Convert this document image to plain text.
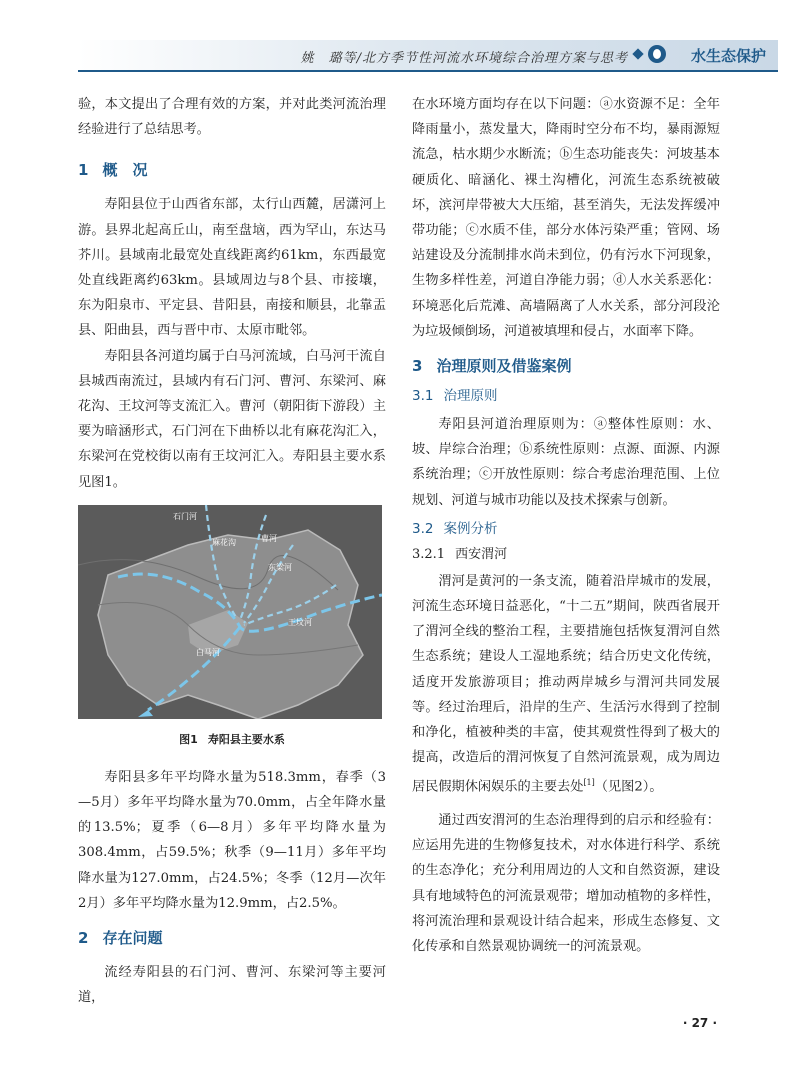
姚　璐等/北方季节性河流水环境综合治理方案与思考	水生态保护

验，本文提出了合理有效的方案，并对此类河流治理经验进行了总结思考。

1 概　况

寿阳县位于山西省东部，太行山西麓，居潇河上游。县界北起高丘山，南至盘垴，西为罕山，东达马芥川。县域南北最宽处直线距离约61km，东西最宽处直线距离约63km。县域周边与8个县、市接壤，东为阳泉市、平定县、昔阳县，南接和顺县，北靠盂县、阳曲县，西与晋中市、太原市毗邻。

寿阳县各河道均属于白马河流域，白马河干流自县城西南流过，县域内有石门河、曹河、东梁河、麻花沟、王坟河等支流汇入。曹河（朝阳街下游段）主要为暗涵形式，石门河在下曲桥以北有麻花沟汇入，东梁河在党校街以南有王坟河汇入。寿阳县主要水系见图1。

石门河
麻花沟	曹河
东梁河
王坟河
白马河
图1 寿阳县主要水系

寿阳县多年平均降水量为518.3mm，春季（3—5月）多年平均降水量为70.0mm，占全年降水量的13.5%；夏季（6—8月）多年平均降水量为308.4mm，占59.5%；秋季（9—11月）多年平均降水量为127.0mm，占24.5%；冬季（12月—次年2月）多年平均降水量为12.9mm，占2.5%。

2 存在问题

流经寿阳县的石门河、曹河、东梁河等主要河道，

在水环境方面均存在以下问题：ⓐ水资源不足：全年降雨量小，蒸发量大，降雨时空分布不均，暴雨源短流急，枯水期少水断流；ⓑ生态功能丧失：河坡基本硬质化、暗涵化、裸土沟槽化，河流生态系统被破坏，滨河岸带被大大压缩，甚至消失，无法发挥缓冲带功能；ⓒ水质不佳，部分水体污染严重；管网、场站建设及分流制排水尚未到位，仍有污水下河现象，生物多样性差，河道自净能力弱；ⓓ人水关系恶化：环境恶化后荒滩、高墙隔离了人水关系，部分河段沦为垃圾倾倒场，河道被填埋和侵占，水面率下降。

3 治理原则及借鉴案例
3.1 治理原则

寿阳县河道治理原则为：ⓐ整体性原则：水、坡、岸综合治理；ⓑ系统性原则：点源、面源、内源系统治理；ⓒ开放性原则：综合考虑治理范围、上位规划、河道与城市功能以及技术探索与创新。

3.2 案例分析
3.2.1 西安渭河

渭河是黄河的一条支流，随着沿岸城市的发展，河流生态环境日益恶化，“十二五”期间，陕西省展开了渭河全线的整治工程，主要措施包括恢复渭河自然生态系统；建设人工湿地系统；结合历史文化传统，适度开发旅游项目；推动两岸城乡与渭河共同发展等。经过治理后，沿岸的生产、生活污水得到了控制和净化，植被种类的丰富，使其观赏性得到了极大的提高，改造后的渭河恢复了自然河流景观，成为周边居民假期休闲娱乐的主要去处[1]（见图2）。

通过西安渭河的生态治理得到的启示和经验有：应运用先进的生物修复技术，对水体进行科学、系统的生态净化；充分利用周边的人文和自然资源，建设具有地域特色的河流景观带；增加动植物的多样性，将河流治理和景观设计结合起来，形成生态修复、文化传承和自然景观协调统一的河流景观。

· 27 ·
